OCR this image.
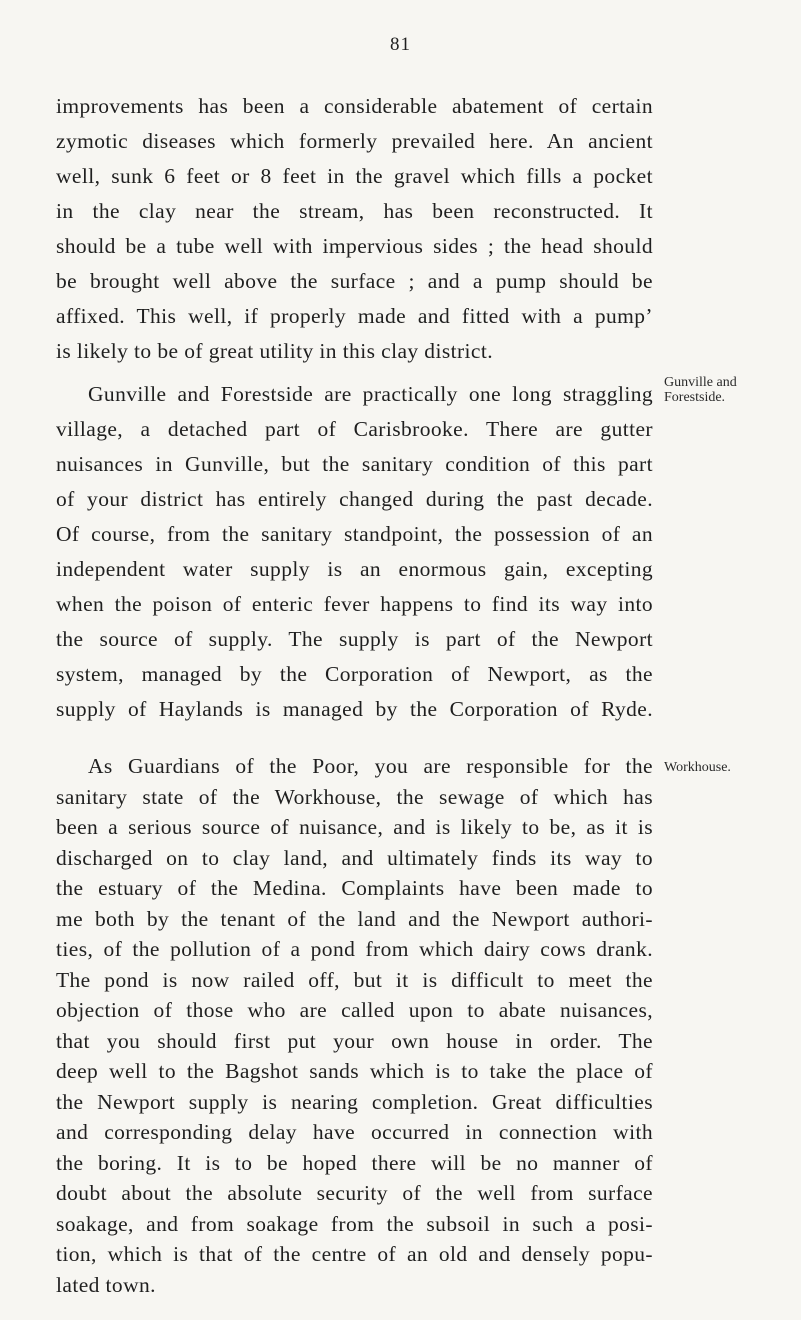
81
improvements has been a considerable abatement of certain
zymotic diseases which formerly prevailed here. An ancient
well, sunk 6 feet or 8 feet in the gravel which fills a pocket
in the clay near the stream, has been reconstructed. It
should be a tube well with impervious sides ; the head should
be brought well above the surface ; and a pump should be
affixed. This well, if properly made and fitted with a pump’
is likely to be of great utility in this clay district.
Gunville and
Forestside.
Gunville and Forestside are practically one long straggling
village, a detached part of Carisbrooke. There are gutter
nuisances in Gunville, but the sanitary condition of this part
of your district has entirely changed during the past decade.
Of course, from the sanitary standpoint, the possession of an
independent water supply is an enormous gain, excepting
when the poison of enteric fever happens to find its way into
the source of supply. The supply is part of the Newport
system, managed by the Corporation of Newport, as the
supply of Haylands is managed by the Corporation of Ryde.
Workhouse.
As Guardians of the Poor, you are responsible for the
sanitary state of the Workhouse, the sewage of which has
been a serious source of nuisance, and is likely to be, as it is
discharged on to clay land, and ultimately finds its way to
the estuary of the Medina. Complaints have been made to
me both by the tenant of the land and the Newport authori-
ties, of the pollution of a pond from which dairy cows drank.
The pond is now railed off, but it is difficult to meet the
objection of those who are called upon to abate nuisances,
that you should first put your own house in order. The
deep well to the Bagshot sands which is to take the place of
the Newport supply is nearing completion. Great difficulties
and corresponding delay have occurred in connection with
the boring. It is to be hoped there will be no manner of
doubt about the absolute security of the well from surface
soakage, and from soakage from the subsoil in such a posi-
tion, which is that of the centre of an old and densely popu-
lated town.
